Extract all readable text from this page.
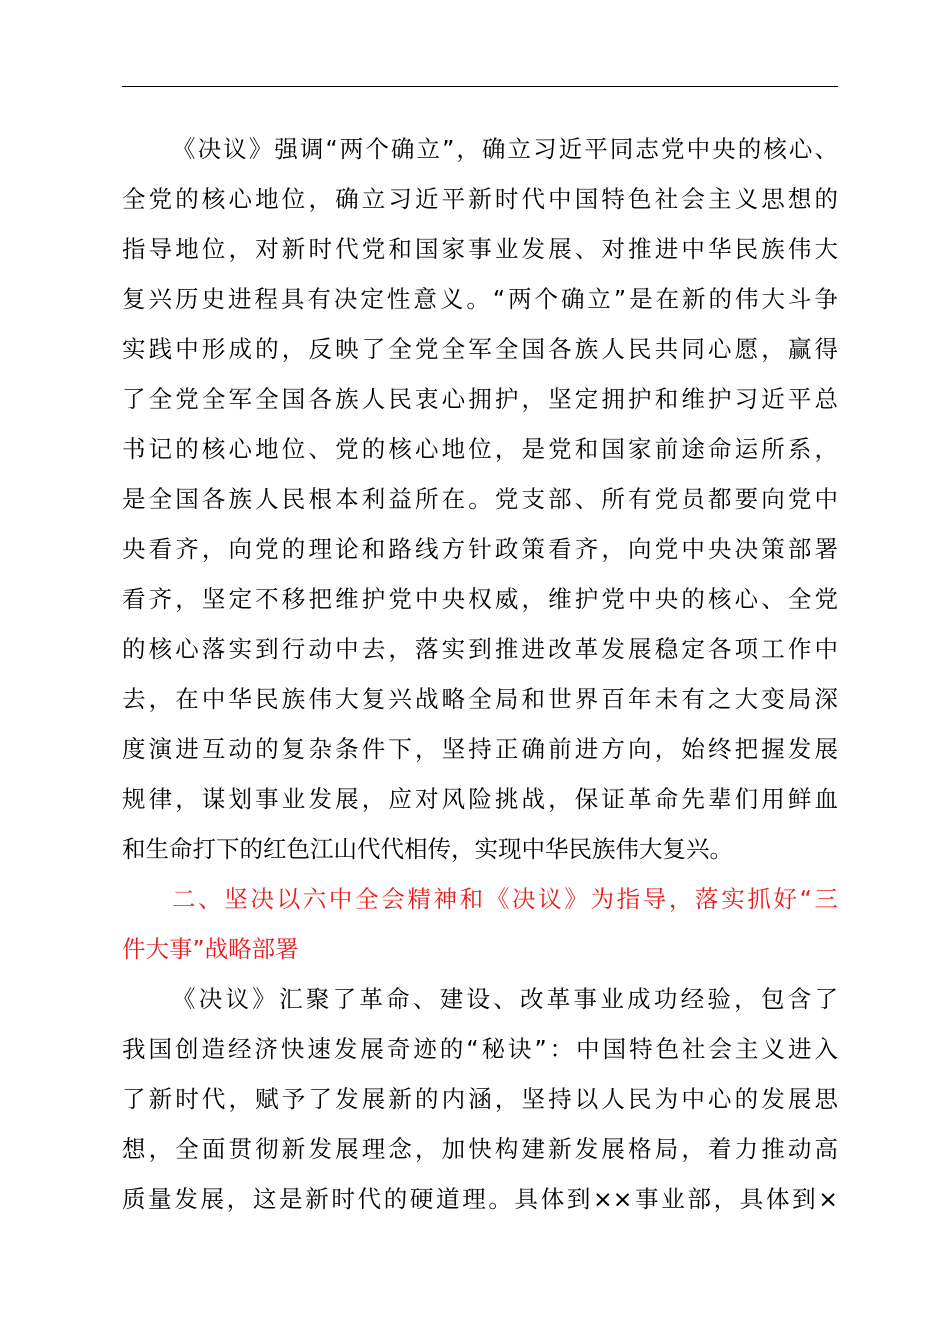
《决议》强调“两个确立”，确立习近平同志党中央的核心、
全党的核心地位，确立习近平新时代中国特色社会主义思想的
指导地位，对新时代党和国家事业发展、对推进中华民族伟大
复兴历史进程具有决定性意义。“两个确立”是在新的伟大斗争
实践中形成的，反映了全党全军全国各族人民共同心愿，赢得
了全党全军全国各族人民衷心拥护，坚定拥护和维护习近平总
书记的核心地位、党的核心地位，是党和国家前途命运所系，
是全国各族人民根本利益所在。党支部、所有党员都要向党中
央看齐，向党的理论和路线方针政策看齐，向党中央决策部署
看齐，坚定不移把维护党中央权威，维护党中央的核心、全党
的核心落实到行动中去，落实到推进改革发展稳定各项工作中
去，在中华民族伟大复兴战略全局和世界百年未有之大变局深
度演进互动的复杂条件下，坚持正确前进方向，始终把握发展
规律，谋划事业发展，应对风险挑战，保证革命先辈们用鲜血
和生命打下的红色江山代代相传，实现中华民族伟大复兴。
二、坚决以六中全会精神和《决议》为指导，落实抓好“三
件大事”战略部署
《决议》汇聚了革命、建设、改革事业成功经验，包含了
我国创造经济快速发展奇迹的“秘诀”：中国特色社会主义进入
了新时代，赋予了发展新的内涵，坚持以人民为中心的发展思
想，全面贯彻新发展理念，加快构建新发展格局，着力推动高
质量发展，这是新时代的硬道理。具体到××事业部，具体到×
